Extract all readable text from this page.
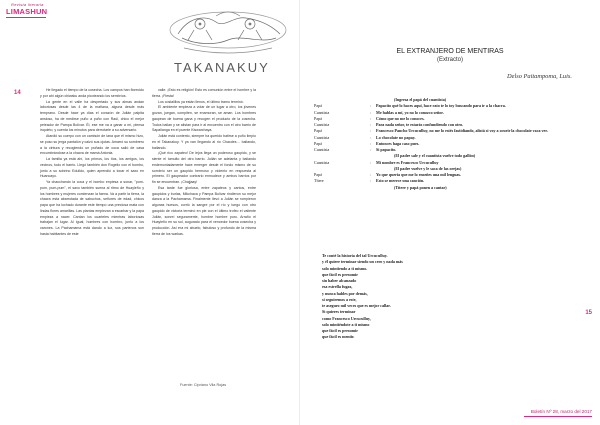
Revista literaria
LIMASHUN
14
TAKANAKUY

He llegado el tiempo de la cosecha. Los campos han florecido y por ahí algún chiwaku anda picoteando los sembríos.

La gente en el valle ha despertado y sus almas andan laboriosas desde las 4 de la mañana, alguna desde más temprano. Desde hace ya días el corazón de Julián palpita ansioso, ha de medirse puño a puño con Raúl, chico el mejor peleador de Pampa Bolívar. Él, ese me va a ganar a mí, piensa inquieto, y cuenta los minutos para derrotarle a su adversario.

Atardió su cuerpo con un camisón de lana que él mismo hizo, se puso su jerga pantalón y calzó sus ojotas. Amarró su sombrero a la cintura y recogiendo un puñado de coca salió de casa encumbrándose a la chacra de mamá Antonia.

La familia ya está ahí, los primos, los tíos, los amigos, los vecinos, todo el barrio. Llegó también don Rogelio con el bombo, junto a su sobrino Eduildo, quien aprendió a tocar el saxo en Huancayo.

Ya chacchando la coca y el bombo enpiesa a sonar, "pum-pum, pum-pum", el saxo también suena al ritmo de Huayleño y los hombres y mujeres comienzan la faena. Va a partir la tierra, la chacra esta abarrotada de sabuchos, señores de edad, chicos papa que ha luchado durante este tiempo una preciosa mata con lindas flores amarillas. Las plantas empiezan a escarbar y la papa empieza a nacer. Cantan los cuarteles mientras laboriosas trabajan el lugar. Al igual, hombres con hombro, junto a los varones. La Pachamama está dando a luz, sus partenos son hasta habitantes de este

valle. ¡Esto es religión! Esto es comunión entre el hombre y la tierra. ¡Fiesta!

Los costalillos ya están llenos, el último tramo terminó.

El ambiente empieza a volar de un lugar a otro, los jóvenes gozan, juegan, compiten, se enamoran, se aman. Los hombres gaupean de buena gana y recogen el producto de la cosecha. Todos bailan y se alistan para ir al encuentro con el otro barrio de Sapallanga en el puente Kiswarchaya.

Julián está contento, siempre ha querido batirse a puño limpio en el Takanakuy. Y ya van llegando al río Chacdes… bailando, bailando.

¡Qué rico zapateo! De lejos llega un poderoso gaupido, y se siente el tumulto del otro barrio. Julián se adelanta y bailando endemoniadamente hace emerger desde el fondo mismo de su sombrío ser un gaupido hermoso y violento en respuesta al primero. El gaupeador contrario enmudece y ambos barrios por fin se encuentran. ¡Chajjaay!

Esa tarde fue gloriosa, entre zapateos y cantos, entre gaupidos y burlas, Mikchaca y Pampa Bolívar rindieron su mejor danza a la Pachamama. Finalmente llevó a Julián se rompieron algunas huesos, corrió la sangre por el río y luego con otro gaupido de victoria terminó en pie con el último trofeo el valiente Julián, sonreí seguramente, hombre hombre puro. Arraño el Huayleño en su sol, augurado para el vencedor buena cosecha y producción. Así era mi abuelo, fabuloso y profundo de la misma tierra de los warkas.

Fuente: Cipriano Vila Rojas
EL EXTRANJERO DE MENTIRAS
(Extracto)
Delso Paitampoma, Luis.
(Ingresa el papá del cuantista)
Papá	:	Papacito qué lo haces aquí, hace rato te lo toy buscando para ir a la chacra.
Cuantista	:	Me hablas a mí, yo no lo conozco señor.
Papá	:	Cómo que no me lo conoces.
Cuantista	:	Para nada señor, te estarás confundiendo con otro.
Papá	:	Francesco Pancho Urcuculluy, no me lo estés fastidiando, alistá si voy a ocurir la chocolate vaca ver.
Cuantista	:	Lo chocolate no papay.
Papá	:	Entonces haga caso pues.
Cuantista	:	Si papacito.
(El padre sale y el cuantista vuelve todo gallón)
Cuantista	:	Mi nombre es Francesco Urcuculluy
(El padre vuelve y le saca de las orejas)
Papá	:	Yo que quería que me lo enseñes una mil lenguas.
Títere	:	Esto se merece una canción.
(Títere y papá ponen a cantar)
Te conté la historia del tal Urcuculluy.
y él quiere terminar siendo un cero y nada más
solo mintiendo a ti mismo.
que fácil es presumir
sin haber alcanzado
esa estrella fugaz,
y nunca hables por demás,
si seguiremos a este,
te aseguro mil veces que es mejor callar.
Si quieres terminar
como Francesco Urcuculluy,
solo mintiéndote a ti mismo
que fácil es presumir
que fácil es mentir.
15
Boletín Nº 28, marzo del 2017
